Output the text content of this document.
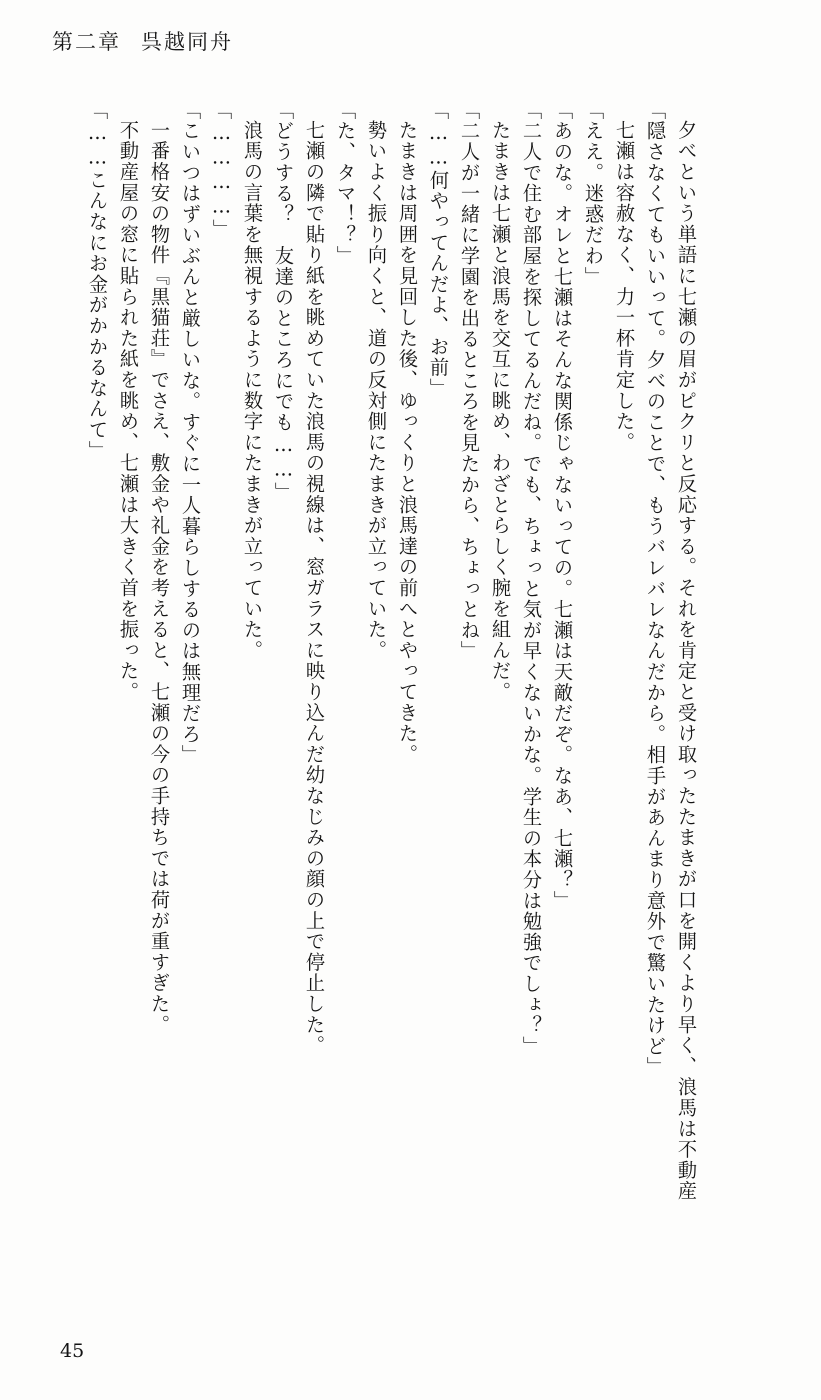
第二章 呉越同舟
「……こんなにお金がかかるなんて」 不動産屋の窓に貼られた紙を眺め、七瀬は大きく首を振った。 一番格安の物件『黒猫荘』でさえ、敷金や礼金を考えると、七瀬の今の手持ちでは荷が重すぎた。 「こいつはずいぶんと厳しいな。すぐに一人暮らしするのは無理だろ」 「…………」 浪馬の言葉を無視するように数字にたまきが立っていた。 「どうする？　友達のところにでも……」 七瀬の隣で貼り紙を眺めていた浪馬の視線は、窓ガラスに映り込んだ幼なじみの顔の上で停止した。 「た、タマ！？」 勢いよく振り向くと、道の反対側にたまきが立っていた。 たまきは周囲を見回した後、ゆっくりと浪馬達の前へとやってきた。 「……何やってんだよ、お前」 「二人が一緒に学園を出るところを見たから、ちょっとね」 たまきは七瀬と浪馬を交互に眺め、わざとらしく腕を組んだ。 「二人で住む部屋を探してるんだね。でも、ちょっと気が早くないかな。学生の本分は勉強でしょ？」 「あのな。オレと七瀬はそんな関係じゃないっての。七瀬は天敵だぞ。なあ、七瀬？」 「ええ。迷惑だわ」 七瀬は容赦なく、力一杯肯定した。 「隠さなくてもいいって。夕べのことで、もうバレバレなんだから。相手があんまり意外で驚いたけど」 夕べという単語に七瀬の眉がピクリと反応する。それを肯定と受け取ったたまきが口を開くより早く、浪馬は不動産
45
